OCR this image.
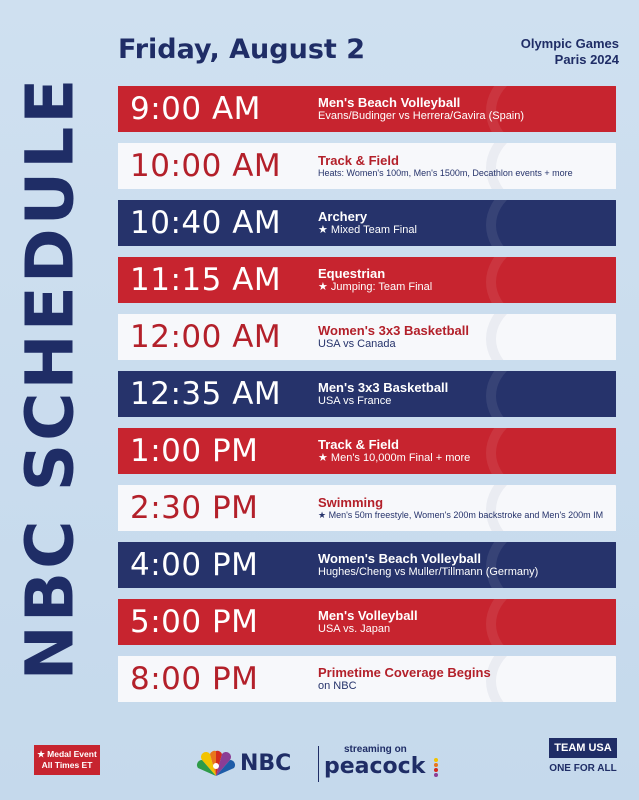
NBC SCHEDULE
Friday, August 2	Olympic Games
Paris 2024
9:00 AM	Men's Beach Volleyball
Evans/Budinger vs Herrera/Gavira (Spain)
10:00 AM	Track & Field
Heats: Women's 100m, Men's 1500m, Decathlon events + more
10:40 AM	Archery
★ Mixed Team Final
11:15 AM	Equestrian
★ Jumping: Team Final
12:00 AM	Women's 3x3 Basketball
USA vs Canada
12:35 AM	Men's 3x3 Basketball
USA vs France
1:00 PM	Track & Field
★ Men's 10,000m Final + more
2:30 PM	Swimming
★ Men's 50m freestyle, Women's 200m backstroke and Men's 200m IM
4:00 PM	Women's Beach Volleyball
Hughes/Cheng vs Muller/Tillmann (Germany)
5:00 PM	Men's Volleyball
USA vs. Japan
8:00 PM	Primetime Coverage Begins
on NBC
★ Medal Event
All Times ET	NBC
streaming on
peacock
TEAM USA
ONE FOR ALL
